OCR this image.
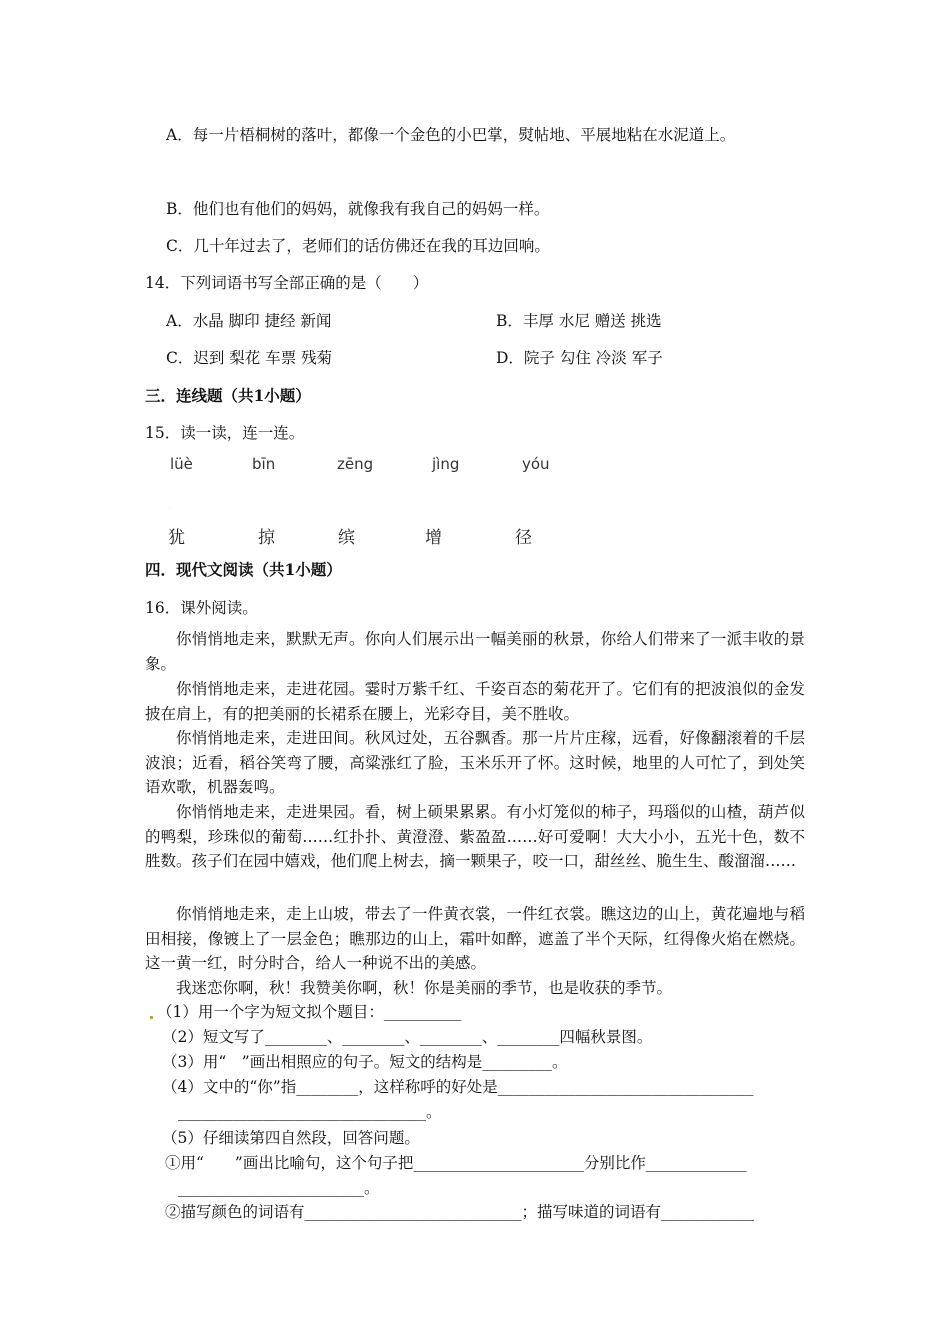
A．每一片梧桐树的落叶，都像一个金色的小巴掌，熨帖地、平展地粘在水泥道上。
B．他们也有他们的妈妈，就像我有我自己的妈妈一样。
C．几十年过去了，老师们的话仿佛还在我的耳边回响。
14．下列词语书写全部正确的是（　　）
A．水晶 脚印 捷经 新闻	B．丰厚 水尼 赠送 挑选
C．迟到 梨花 车票 残菊	D．院子 勾住 冷淡 军子
三．连线题（共1小题）
15．读一读，连一连。
lüè	bīn	zēng	jìng	yóu
·
犹	掠	缤	增	径
四．现代文阅读（共1小题）
16．课外阅读。
你悄悄地走来，默默无声。你向人们展示出一幅美丽的秋景，你给人们带来了一派丰收的景象。
你悄悄地走来，走进花园。霎时万紫千红、千姿百态的菊花开了。它们有的把波浪似的金发披在肩上，有的把美丽的长裙系在腰上，光彩夺目，美不胜收。
你悄悄地走来，走进田间。秋风过处，五谷飘香。那一片片庄稼，远看，好像翻滚着的千层波浪；近看，稻谷笑弯了腰，高粱涨红了脸，玉米乐开了怀。这时候，地里的人可忙了，到处笑语欢歌，机器轰鸣。
你悄悄地走来，走进果园。看，树上硕果累累。有小灯笼似的柿子，玛瑙似的山楂，葫芦似的鸭梨，珍珠似的葡萄……红扑扑、黄澄澄、紫盈盈……好可爱啊！大大小小，五光十色，数不胜数。孩子们在园中嬉戏，他们爬上树去，摘一颗果子，咬一口，甜丝丝、脆生生、酸溜溜……
你悄悄地走来，走上山坡，带去了一件黄衣裳，一件红衣裳。瞧这边的山上，黄花遍地与稻田相接，像镀上了一层金色；瞧那边的山上，霜叶如醉，遮盖了半个天际，红得像火焰在燃烧。这一黄一红，时分时合，给人一种说不出的美感。
我迷恋你啊，秋！我赞美你啊，秋！你是美丽的季节，也是收获的季节。
（1）用一个字为短文拟个题目：__________
（2）短文写了________、________、________、________四幅秋景图。
（3）用“　”画出相照应的句子。短文的结构是_________。
（4）文中的“你”指________，这样称呼的好处是_________________________________
________________________________。
（5）仔细读第四自然段，回答问题。
①用“　　”画出比喻句，这个句子把______________________分别比作_____________
________________________。
②描写颜色的词语有____________________________；描写味道的词语有____________
